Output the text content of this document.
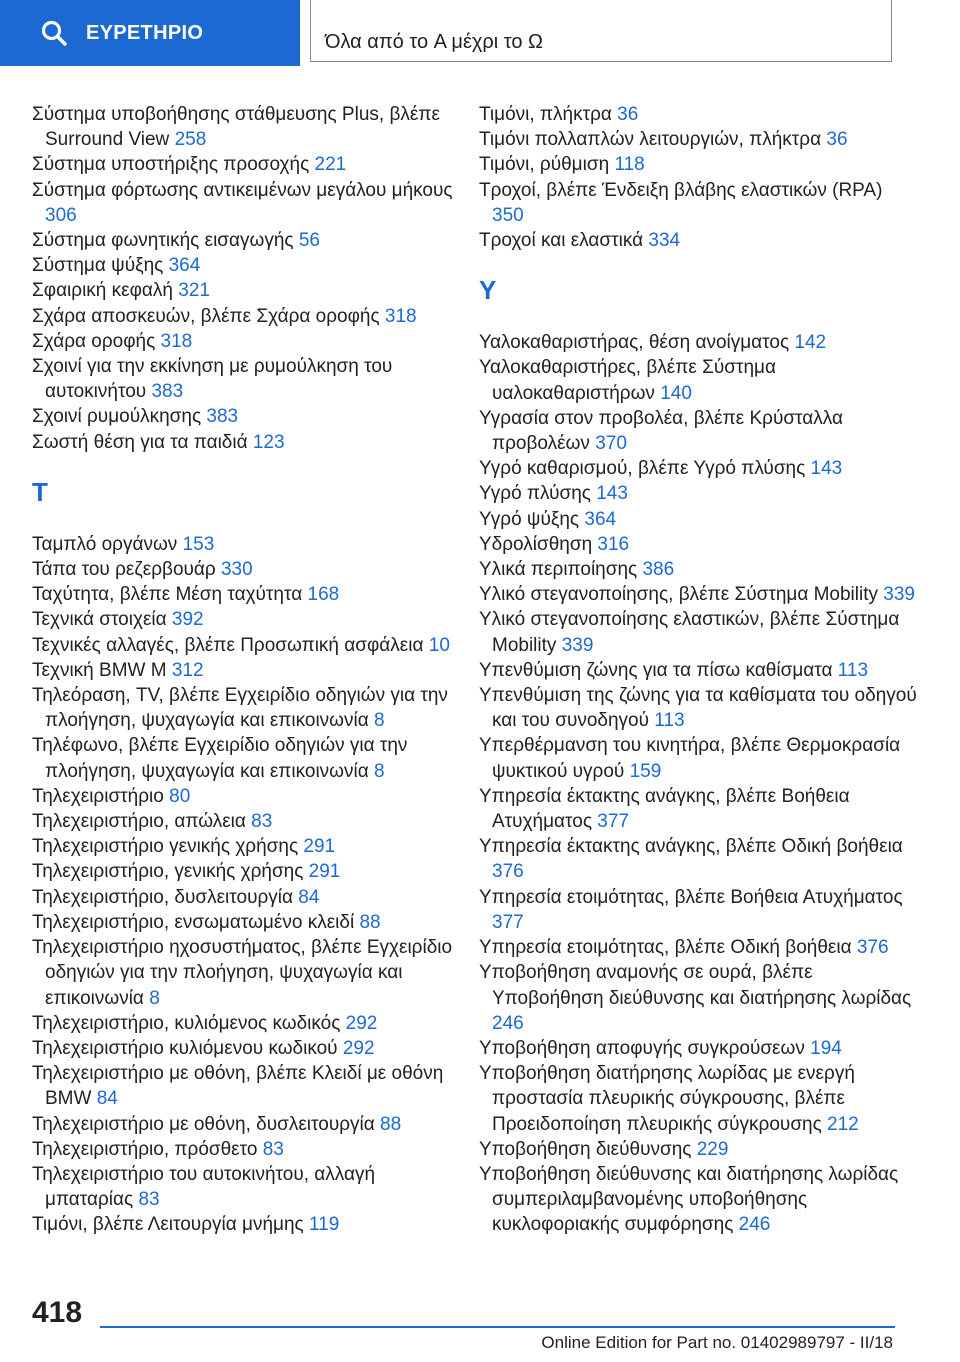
ΕΥΡΕΤΗΡΙΟ	Όλα από το A μέχρι το Ω
Σύστημα υποβοήθησης στάθμευσης Plus, βλέπε Surround View 258
Σύστημα υποστήριξης προσοχής 221
Σύστημα φόρτωσης αντικειμένων μεγάλου μήκους 306
Σύστημα φωνητικής εισαγωγής 56
Σύστημα ψύξης 364
Σφαιρική κεφαλή 321
Σχάρα αποσκευών, βλέπε Σχάρα οροφής 318
Σχάρα οροφής 318
Σχοινί για την εκκίνηση με ρυμούλκηση του αυτοκινήτου 383
Σχοινί ρυμούλκησης 383
Σωστή θέση για τα παιδιά 123
Τ
Ταμπλό οργάνων 153
Τάπα του ρεζερβουάρ 330
Ταχύτητα, βλέπε Μέση ταχύτητα 168
Τεχνικά στοιχεία 392
Τεχνικές αλλαγές, βλέπε Προσωπική ασφάλεια 10
Τεχνική BMW M 312
Τηλεόραση, TV, βλέπε Εγχειρίδιο οδηγιών για την πλοήγηση, ψυχαγωγία και επικοινωνία 8
Τηλέφωνο, βλέπε Εγχειρίδιο οδηγιών για την πλοήγηση, ψυχαγωγία και επικοινωνία 8
Τηλεχειριστήριο 80
Τηλεχειριστήριο, απώλεια 83
Τηλεχειριστήριο γενικής χρήσης 291
Τηλεχειριστήριο, γενικής χρήσης 291
Τηλεχειριστήριο, δυσλειτουργία 84
Τηλεχειριστήριο, ενσωματωμένο κλειδί 88
Τηλεχειριστήριο ηχοσυστήματος, βλέπε Εγχειρίδιο οδηγιών για την πλοήγηση, ψυχαγωγία και επικοινωνία 8
Τηλεχειριστήριο, κυλιόμενος κωδικός 292
Τηλεχειριστήριο κυλιόμενου κωδικού 292
Τηλεχειριστήριο με οθόνη, βλέπε Κλειδί με οθόνη BMW 84
Τηλεχειριστήριο με οθόνη, δυσλειτουργία 88
Τηλεχειριστήριο, πρόσθετο 83
Τηλεχειριστήριο του αυτοκινήτου, αλλαγή μπαταρίας 83
Τιμόνι, βλέπε Λειτουργία μνήμης 119
Τιμόνι, πλήκτρα 36
Τιμόνι πολλαπλών λειτουργιών, πλήκτρα 36
Τιμόνι, ρύθμιση 118
Τροχοί, βλέπε Ένδειξη βλάβης ελαστικών (RPA) 350
Τροχοί και ελαστικά 334
Υ
Υαλοκαθαριστήρας, θέση ανοίγματος 142
Υαλοκαθαριστήρες, βλέπε Σύστημα υαλοκαθαριστήρων 140
Υγρασία στον προβολέα, βλέπε Κρύσταλλα προβολέων 370
Υγρό καθαρισμού, βλέπε Υγρό πλύσης 143
Υγρό πλύσης 143
Υγρό ψύξης 364
Υδρολίσθηση 316
Υλικά περιποίησης 386
Υλικό στεγανοποίησης, βλέπε Σύστημα Mobility 339
Υλικό στεγανοποίησης ελαστικών, βλέπε Σύστημα Mobility 339
Υπενθύμιση ζώνης για τα πίσω καθίσματα 113
Υπενθύμιση της ζώνης για τα καθίσματα του οδηγού και του συνοδηγού 113
Υπερθέρμανση του κινητήρα, βλέπε Θερμοκρασία ψυκτικού υγρού 159
Υπηρεσία έκτακτης ανάγκης, βλέπε Βοήθεια Ατυχήματος 377
Υπηρεσία έκτακτης ανάγκης, βλέπε Οδική βοήθεια 376
Υπηρεσία ετοιμότητας, βλέπε Βοήθεια Ατυχήματος 377
Υπηρεσία ετοιμότητας, βλέπε Οδική βοήθεια 376
Υποβοήθηση αναμονής σε ουρά, βλέπε Υποβοήθηση διεύθυνσης και διατήρησης λωρίδας 246
Υποβοήθηση αποφυγής συγκρούσεων 194
Υποβοήθηση διατήρησης λωρίδας με ενεργή προστασία πλευρικής σύγκρουσης, βλέπε Προειδοποίηση πλευρικής σύγκρουσης 212
Υποβοήθηση διεύθυνσης 229
Υποβοήθηση διεύθυνσης και διατήρησης λωρίδας συμπεριλαμβανομένης υποβοήθησης κυκλοφοριακής συμφόρησης 246
418
Online Edition for Part no. 01402989797 - II/18
